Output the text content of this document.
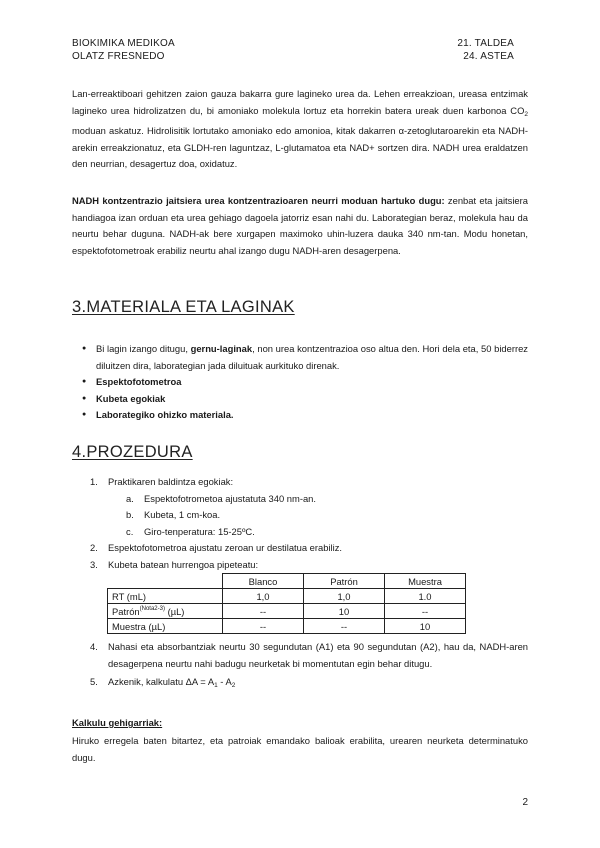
BIOKIMIKA MEDIKOA
OLATZ FRESNEDO
21. TALDEA
24. ASTEA

Lan-erreaktiboari gehitzen zaion gauza bakarra gure lagineko urea da. Lehen erreakzioan, ureasa entzimak lagineko urea hidrolizatzen du, bi amoniako molekula lortuz eta horrekin batera ureak duen karbonoa $CO_2$ moduan askatuz. Hidrolisitik lortutako amoniako edo amonioa, kitak dakarren α-zetoglutaroarekin eta NADH-arekin erreakzionatuz, eta GLDH-ren laguntzaz, L-glutamatoa eta NAD+ sortzen dira. NADH urea eraldatzen den neurrian, desagertuz doa, oxidatuz.

NADH kontzentrazio jaitsiera urea kontzentrazioaren neurri moduan hartuko dugu: zenbat eta jaitsiera handiagoa izan orduan eta urea gehiago dagoela jatorriz esan nahi du. Laborategian beraz, molekula hau da neurtu behar duguna. NADH-ak bere xurgapen maximoko uhin-luzera dauka 340 nm-tan. Modu honetan, espektofotometroak erabiliz neurtu ahal izango dugu NADH-aren desagerpena.

3.MATERIALA ETA LAGINAK
● Bi lagin izango ditugu, gernu-laginak, non urea kontzentrazioa oso altua den. Hori dela eta, 50 biderrez diluitzen dira, laborategian jada diluituak aurkituko direnak.
● Espektofotometroa
● Kubeta egokiak
● Laborategiko ohizko materiala.
4.PROZEDURA
1. Praktikaren baldintza egokiak:
a. Espektofotrometoa ajustatuta 340 nm-an.
b. Kubeta, 1 cm-koa.
c. Giro-tenperatura: 15-25ºC.
2. Espektofotometroa ajustatu zeroan ur destilatua erabiliz.
3. Kubeta batean hurrengoa pipeteatu:
	Blanco	Patrón	Muestra
RT (mL)	1,0	1,0	1.0
Patrón$^{(Nota2-3)}$ (µL)	--	10	--
Muestra (µL)	--	--	10
4. Nahasi eta absorbantziak neurtu 30 segundutan (A1) eta 90 segundutan (A2), hau da, NADH-aren desagerpena neurtu nahi badugu neurketak bi momentutan egin behar ditugu.
5. Azkenik, kalkulatu $\Delta A = A_1 - A_2$
Kalkulu gehigarriak:
Hiruko erregela baten bitartez, eta patroiak emandako balioak erabilita, urearen neurketa determinatuko dugu.
2
